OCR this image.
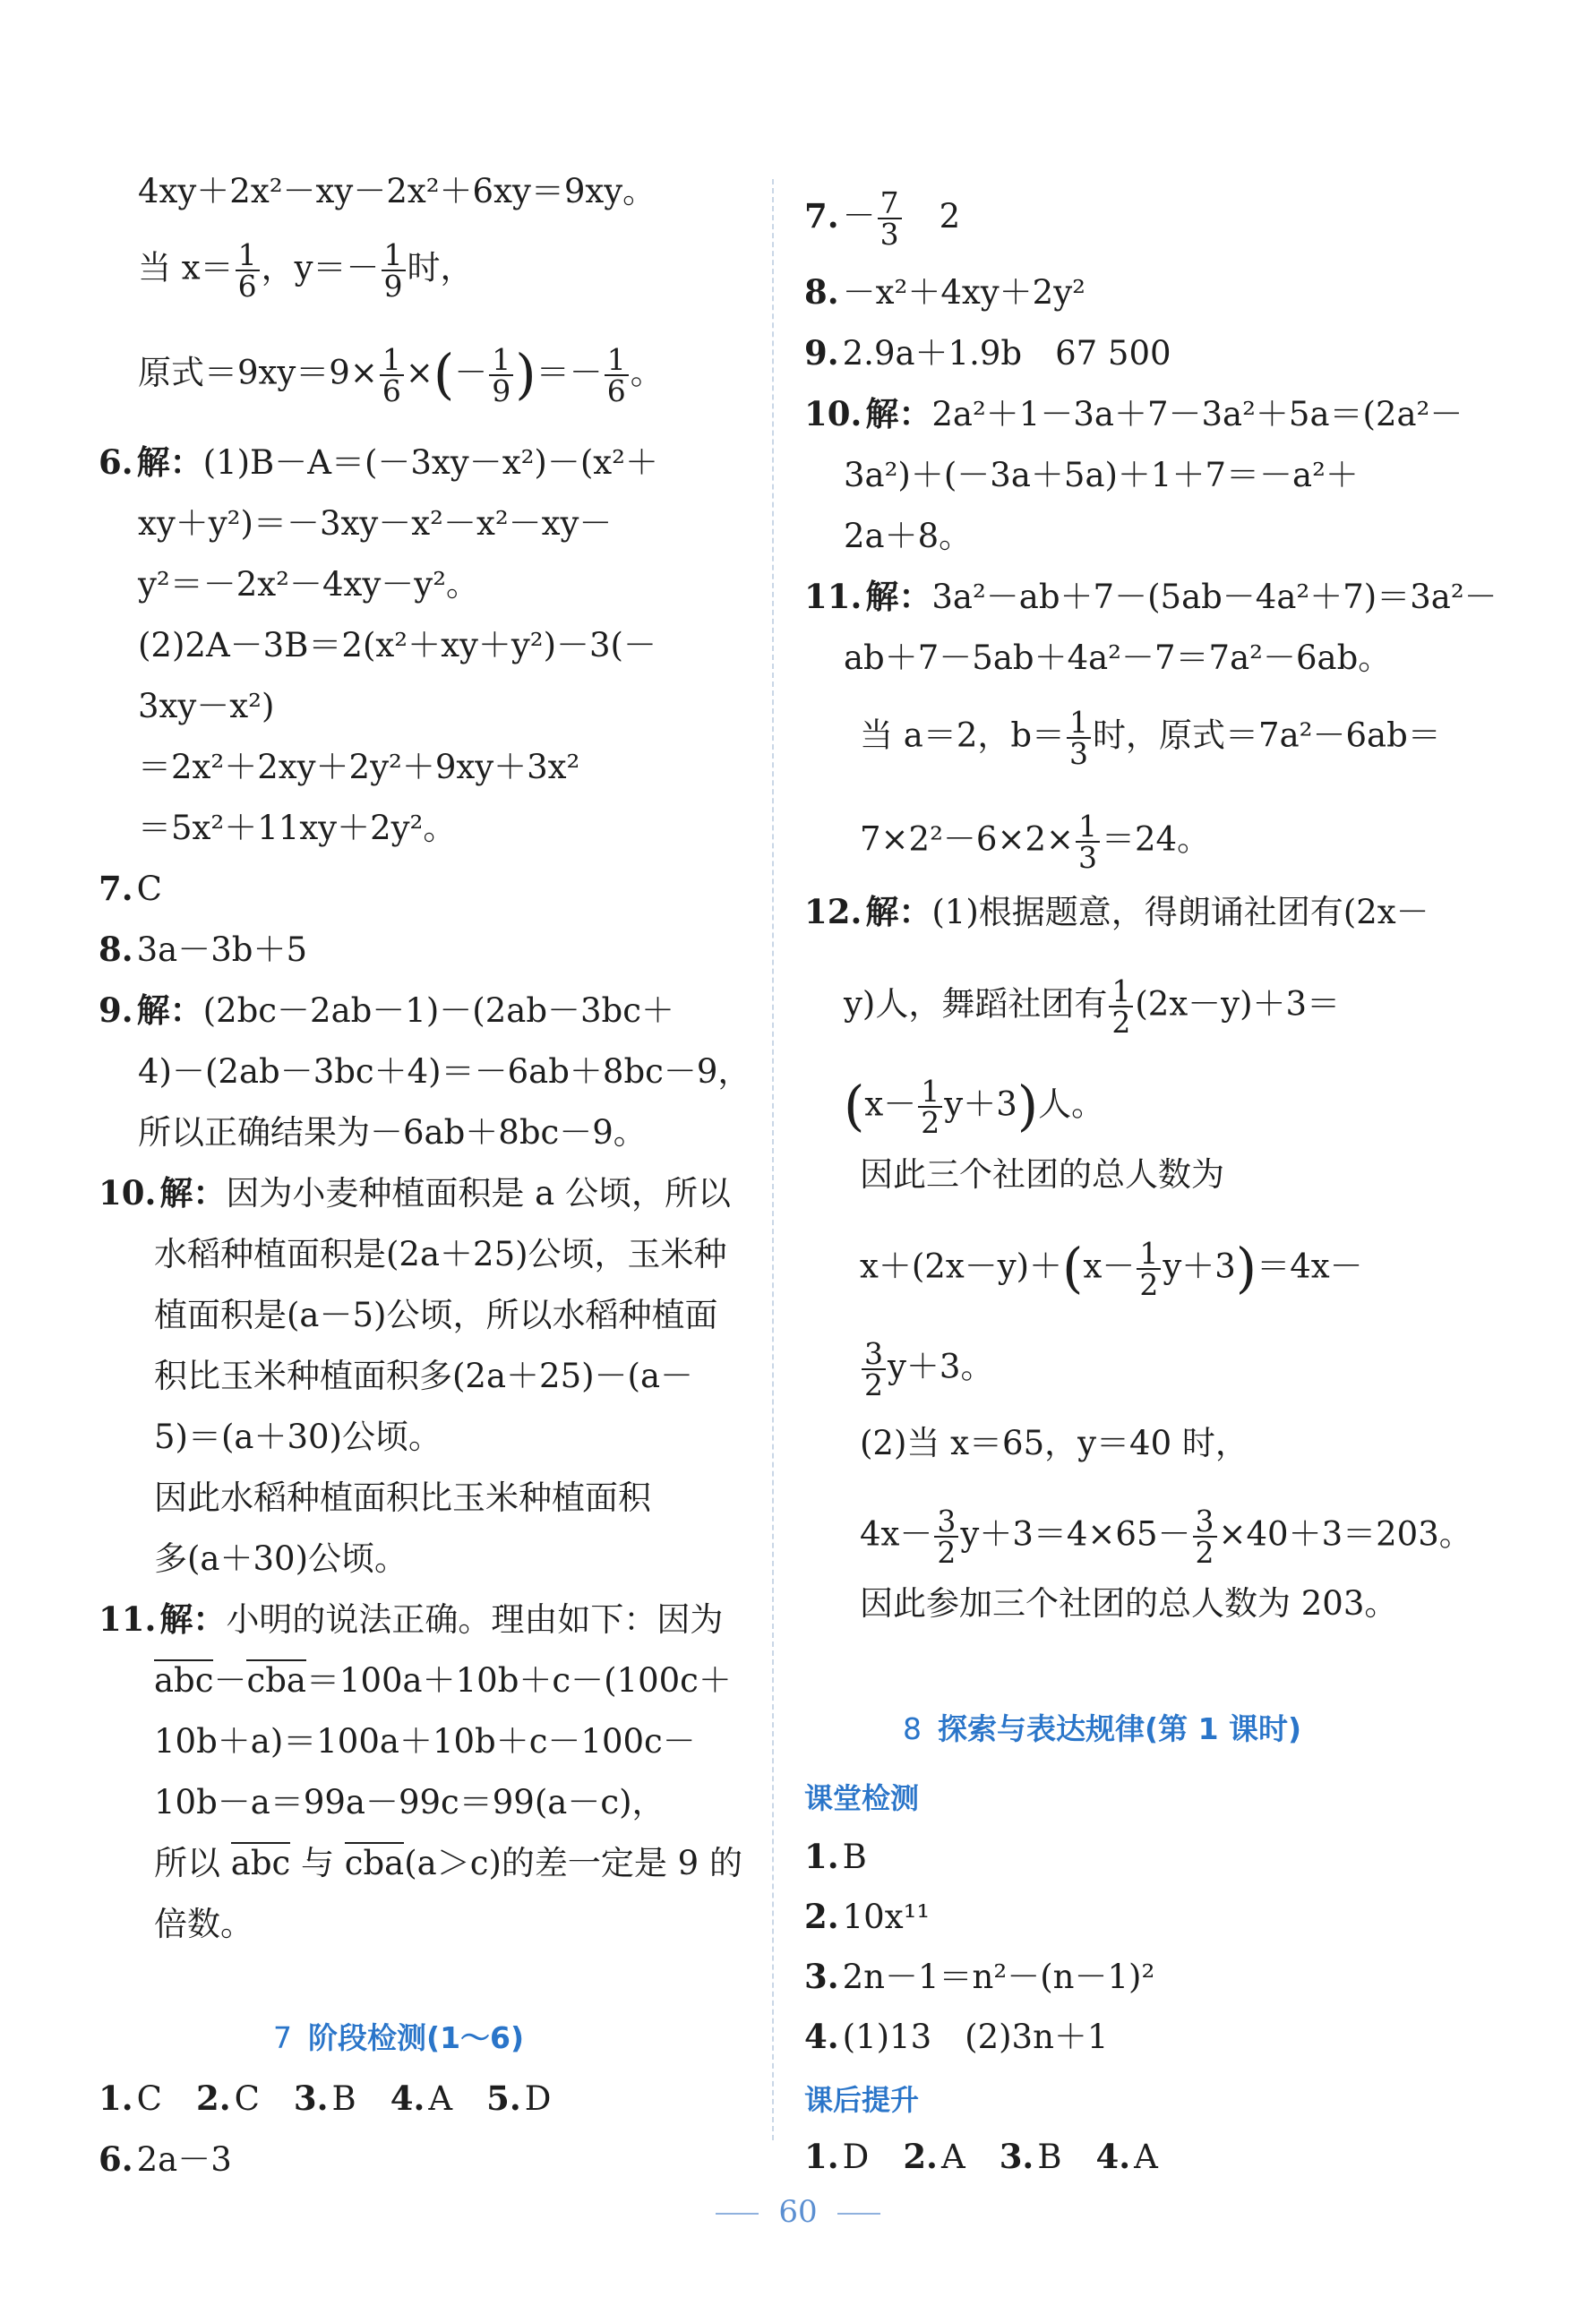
4xy＋2x²－xy－2x²＋6xy＝9xy。
当 $x= \frac{1}{6}$ ，$y=- \frac{1}{9}$ 时，
原式$=9xy=9\times \frac{1}{6}$ ×(－ $\frac{1}{9}$ )＝－ $\frac{1}{6}$ 。
6. 解：(1)B－A＝(－3xy－x²)－(x²＋
xy＋y²)＝－3xy－x²－x²－xy－
y²＝－2x²－4xy－y²。
(2)2A－3B＝2(x²＋xy＋y²)－3(－
3xy－x²)
＝2x²＋2xy＋2y²＋9xy＋3x²
＝5x²＋11xy＋2y²。
7. C
8. 3a－3b＋5
9. 解：(2bc－2ab－1)－(2ab－3bc＋
4)－(2ab－3bc＋4)＝－6ab＋8bc－9，
所以正确结果为－6ab＋8bc－9。
10. 解：因为小麦种植面积是 a 公顷，所以
水稻种植面积是(2a＋25)公顷，玉米种
植面积是(a－5)公顷，所以水稻种植面
积比玉米种植面积多(2a＋25)－(a－
5)＝(a＋30)公顷。
因此水稻种植面积比玉米种植面积
多(a＋30)公顷。
11. 解：小明的说法正确。理由如下：因为
abc－cba＝100a＋10b＋c－(100c＋
10b＋a)＝100a＋10b＋c－100c－
10b－a＝99a－99c＝99(a－c)，
所以 abc 与 cba(a＞c)的差一定是 9 的
倍数。
7 阶段检测(1～6)
1. C 2. C 3. B 4. A 5. D
6. 2a－3
7. － $\frac{7}{3} 2$
8. －x²＋4xy＋2y²
9. 2.9a＋1.9b　67 500
10. 解：2a²＋1－3a＋7－3a²＋5a＝(2a²－
3a²)＋(－3a＋5a)＋1＋7＝－a²＋
2a＋8。
11. 解：3a²－ab＋7－(5ab－4a²＋7)＝3a²－
ab＋7－5ab＋4a²－7＝7a²－6ab。
当 a＝2，$b= \frac{1}{3}$ 时，原式＝7a²－6ab＝
$7\times 2^2-6\times 2\times \frac{1}{3} =24$。
12. 解：(1)根据题意，得朗诵社团有(2x－
y)人，舞蹈社团有 $\frac{1}{2} (2x-y)+3=$
$(x- \frac{1}{2} y+3)$人。
因此三个社团的总人数为
$x+(2x-y)+(x- \frac{1}{2} y+3)=4x-$
$\frac{3}{2} y+3$。
(2)当 x＝65，y＝40 时，
$4x- \frac{3}{2} y+3=4\times 65- \frac{3}{2} \times 40+3=203$。
因此参加三个社团的总人数为 203。
8 探索与表达规律(第 1 课时)
课堂检测
1. B
2. 10x¹¹
3. 2n－1＝n²－(n－1)²
4. (1)13　(2)3n＋1
课后提升
1. D 2. A 3. B 4. A
60
